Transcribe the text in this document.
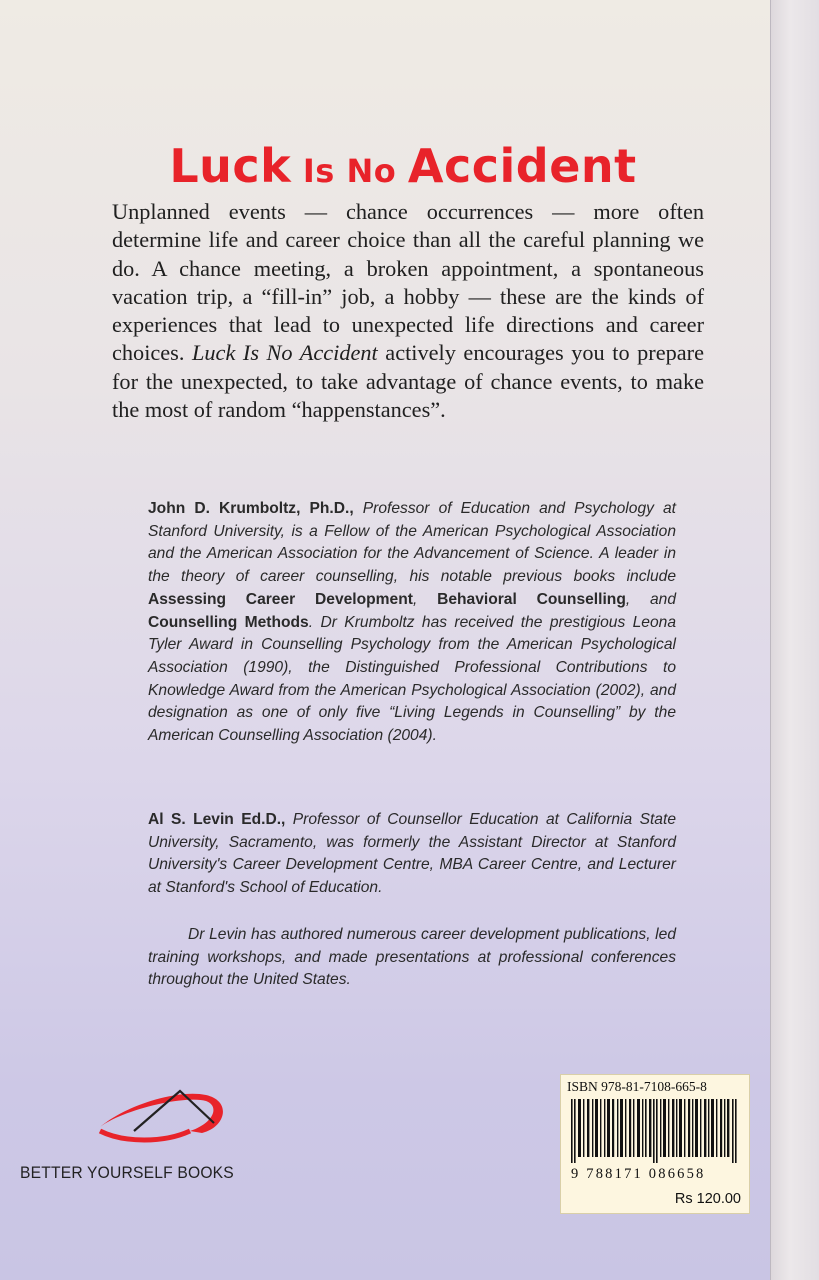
Luck Is No Accident

Unplanned events — chance occurrences — more often determine life and career choice than all the careful planning we do. A chance meeting, a broken appointment, a spontaneous vacation trip, a “fill-in” job, a hobby — these are the kinds of experiences that lead to unexpected life directions and career choices. Luck Is No Accident actively encourages you to prepare for the unexpected, to take advantage of chance events, to make the most of random “happenstances”.

John D. Krumboltz, Ph.D., Professor of Education and Psychology at Stanford University, is a Fellow of the American Psychological Association and the American Association for the Advancement of Science. A leader in the theory of career counselling, his notable previous books include Assessing Career Development, Behavioral Counselling, and Counselling Methods. Dr Krumboltz has received the prestigious Leona Tyler Award in Counselling Psychology from the American Psychological Association (1990), the Distinguished Professional Contributions to Knowledge Award from the American Psychological Association (2002), and designation as one of only five “Living Legends in Counselling” by the American Counselling Association (2004).

Al S. Levin Ed.D., Professor of Counsellor Education at California State University, Sacramento, was formerly the Assistant Director at Stanford University's Career Development Centre, MBA Career Centre, and Lecturer at Stanford's School of Education.

Dr Levin has authored numerous career development publications, led training workshops, and made presentations at professional conferences throughout the United States.

BETTER YOURSELF BOOKS
ISBN 978-81-7108-665-8
9 788171 086658
Rs 120.00
